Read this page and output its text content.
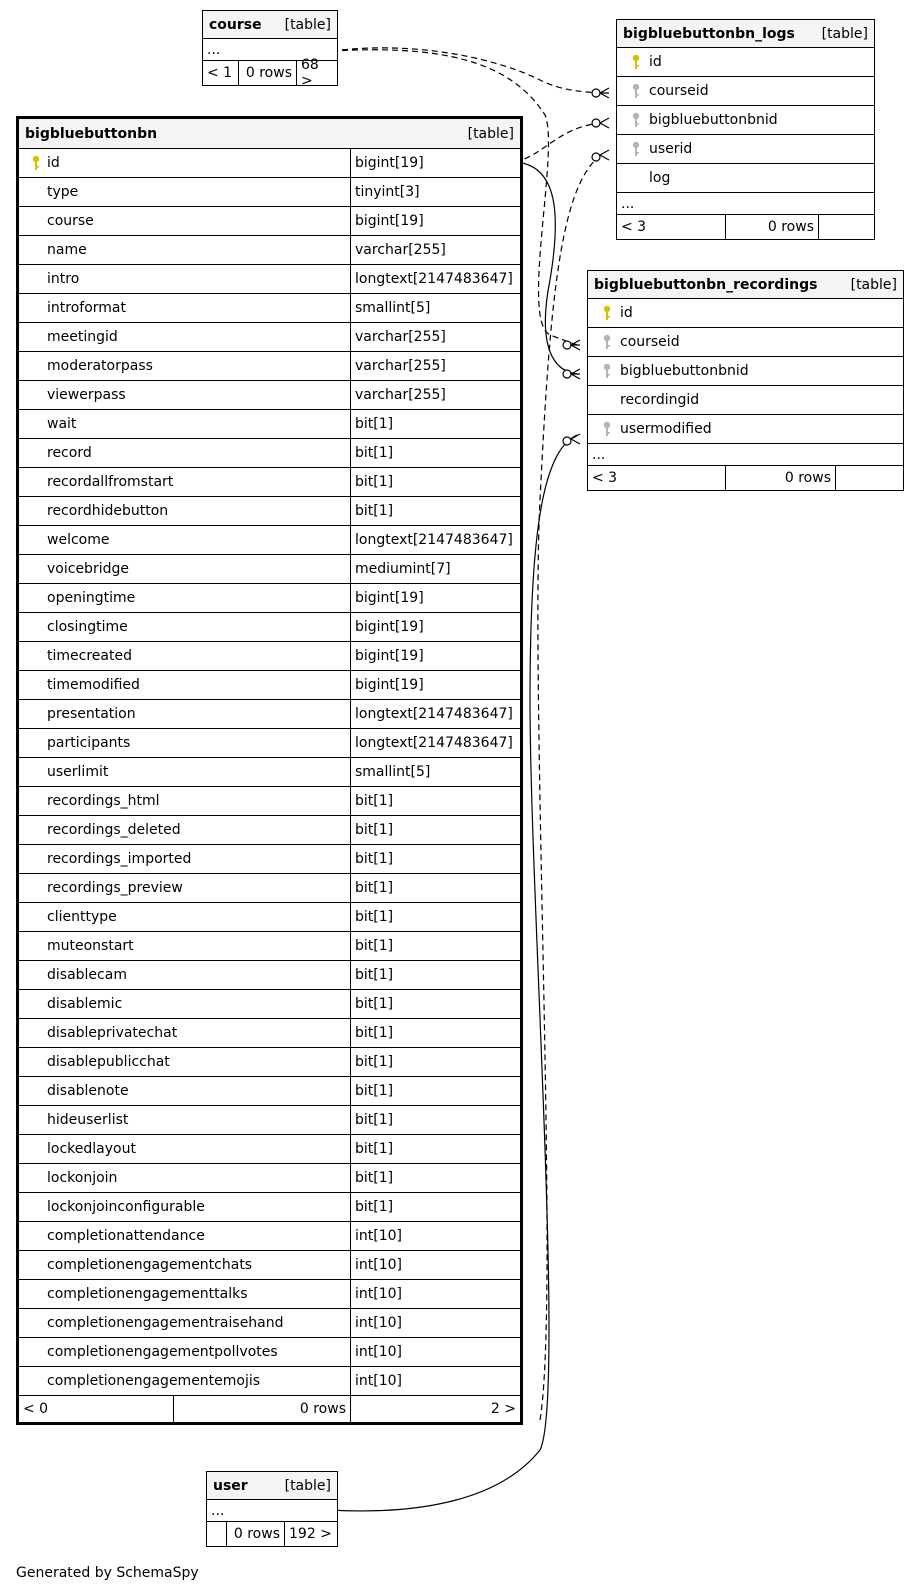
course [table]
...
< 1 0 rows 68 >
bigbluebuttonbn_logs [table]
id
courseid
bigbluebuttonbnid
userid
log
...
< 3	0 rows
bigbluebuttonbn_recordings [table]
id
courseid
bigbluebuttonbnid
recordingid
usermodified
...
< 3	0 rows
bigbluebuttonbn	[table]
id	bigint[19]
type	tinyint[3]
course	bigint[19]
name	varchar[255]
intro	longtext[2147483647]
introformat	smallint[5]
meetingid	varchar[255]
moderatorpass	varchar[255]
viewerpass	varchar[255]
wait	bit[1]
record	bit[1]
recordallfromstart	bit[1]
recordhidebutton	bit[1]
welcome	longtext[2147483647]
voicebridge	mediumint[7]
openingtime	bigint[19]
closingtime	bigint[19]
timecreated	bigint[19]
timemodified	bigint[19]
presentation	longtext[2147483647]
participants	longtext[2147483647]
userlimit	smallint[5]
recordings_html	bit[1]
recordings_deleted	bit[1]
recordings_imported	bit[1]
recordings_preview	bit[1]
clienttype	bit[1]
muteonstart	bit[1]
disablecam	bit[1]
disablemic	bit[1]
disableprivatechat	bit[1]
disablepublicchat	bit[1]
disablenote	bit[1]
hideuserlist	bit[1]
lockedlayout	bit[1]
lockonjoin	bit[1]
lockonjoinconfigurable	bit[1]
completionattendance	int[10]
completionengagementchats	int[10]
completionengagementtalks	int[10]
completionengagementraisehand	int[10]
completionengagementpollvotes	int[10]
completionengagementemojis	int[10]
< 0	0 rows	2 >
user	[table]
...
0 rows 192 >
Generated by SchemaSpy
